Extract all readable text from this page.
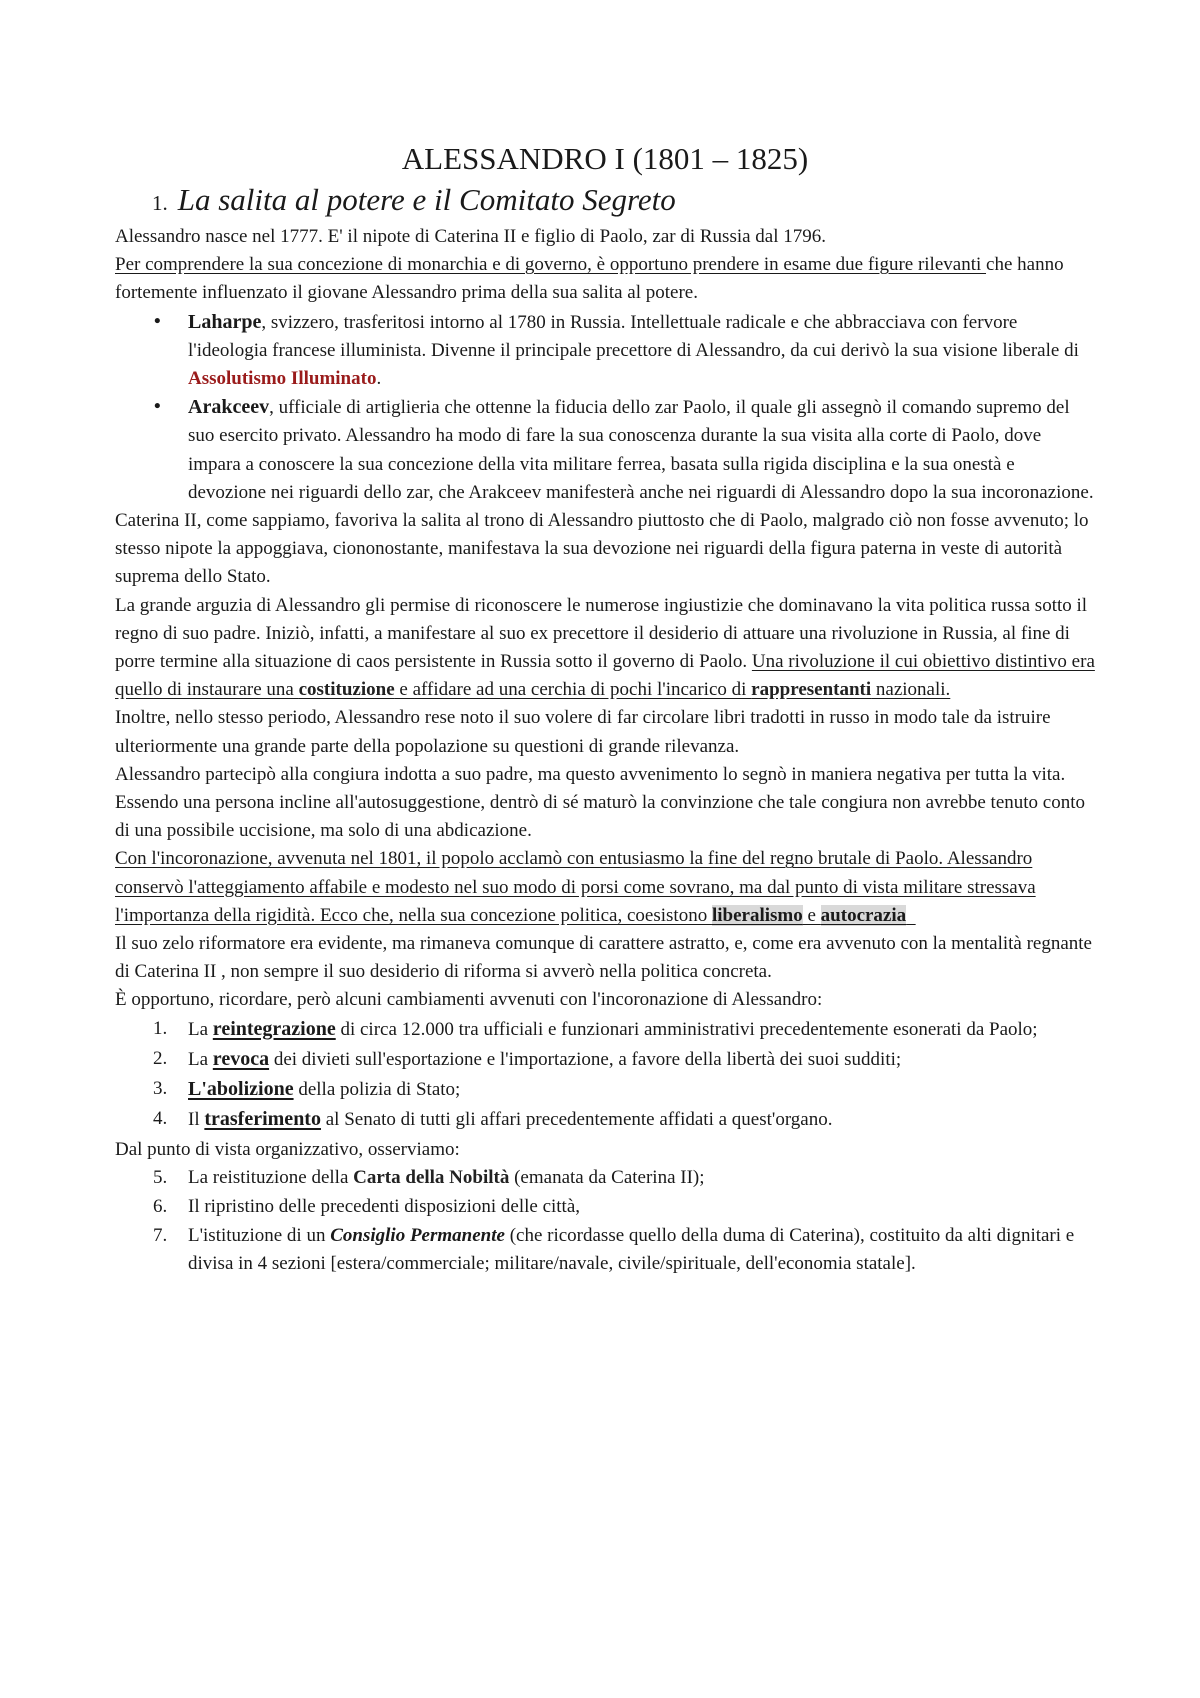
ALESSANDRO I (1801 – 1825)
1. La salita al potere e il Comitato Segreto

Alessandro nasce nel 1777. E' il nipote di Caterina II e figlio di Paolo, zar di Russia dal 1796.

Per comprendere la sua concezione di monarchia e di governo, è opportuno prendere in esame due figure rilevanti che hanno fortemente influenzato il giovane Alessandro prima della sua salita al potere.

• Laharpe, svizzero, trasferitosi intorno al 1780 in Russia. Intellettuale radicale e che abbracciava con fervore l'ideologia francese illuminista. Divenne il principale precettore di Alessandro, da cui derivò la sua visione liberale di Assolutismo Illuminato.
• Arakceev, ufficiale di artiglieria che ottenne la fiducia dello zar Paolo, il quale gli assegnò il comando supremo del suo esercito privato. Alessandro ha modo di fare la sua conoscenza durante la sua visita alla corte di Paolo, dove impara a conoscere la sua concezione della vita militare ferrea, basata sulla rigida disciplina e la sua onestà e devozione nei riguardi dello zar, che Arakceev manifesterà anche nei riguardi di Alessandro dopo la sua incoronazione.

Caterina II, come sappiamo, favoriva la salita al trono di Alessandro piuttosto che di Paolo, malgrado ciò non fosse avvenuto; lo stesso nipote la appoggiava, ciononostante, manifestava la sua devozione nei riguardi della figura paterna in veste di autorità suprema dello Stato.

La grande arguzia di Alessandro gli permise di riconoscere le numerose ingiustizie che dominavano la vita politica russa sotto il regno di suo padre. Iniziò, infatti, a manifestare al suo ex precettore il desiderio di attuare una rivoluzione in Russia, al fine di porre termine alla situazione di caos persistente in Russia sotto il governo di Paolo. Una rivoluzione il cui obiettivo distintivo era quello di instaurare una costituzione e affidare ad una cerchia di pochi l'incarico di rappresentanti nazionali.

Inoltre, nello stesso periodo, Alessandro rese noto il suo volere di far circolare libri tradotti in russo in modo tale da istruire ulteriormente una grande parte della popolazione su questioni di grande rilevanza.

Alessandro partecipò alla congiura indotta a suo padre, ma questo avvenimento lo segnò in maniera negativa per tutta la vita. Essendo una persona incline all'autosuggestione, dentrò di sé maturò la convinzione che tale congiura non avrebbe tenuto conto di una possibile uccisione, ma solo di una abdicazione.

Con l'incoronazione, avvenuta nel 1801, il popolo acclamò con entusiasmo la fine del regno brutale di Paolo. Alessandro conservò l'atteggiamento affabile e modesto nel suo modo di porsi come sovrano, ma dal punto di vista militare stressava l'importanza della rigidità. Ecco che, nella sua concezione politica, coesistono liberalismo e autocrazia

Il suo zelo riformatore era evidente, ma rimaneva comunque di carattere astratto, e, come era avvenuto con la mentalità regnante di Caterina II , non sempre il suo desiderio di riforma si avverò nella politica concreta.

È opportuno, ricordare, però alcuni cambiamenti avvenuti con l'incoronazione di Alessandro:

1. La reintegrazione di circa 12.000 tra ufficiali e funzionari amministrativi precedentemente esonerati da Paolo;
2. La revoca dei divieti sull'esportazione e l'importazione, a favore della libertà dei suoi sudditi;
3. L'abolizione della polizia di Stato;
4. Il trasferimento al Senato di tutti gli affari precedentemente affidati a quest'organo.

Dal punto di vista organizzativo, osserviamo:

5. La reistituzione della Carta della Nobiltà (emanata da Caterina II);
6. Il ripristino delle precedenti disposizioni delle città,
7. L'istituzione di un Consiglio Permanente (che ricordasse quello della duma di Caterina), costituito da alti dignitari e divisa in 4 sezioni [estera/commerciale; militare/navale, civile/spirituale, dell'economia statale].
